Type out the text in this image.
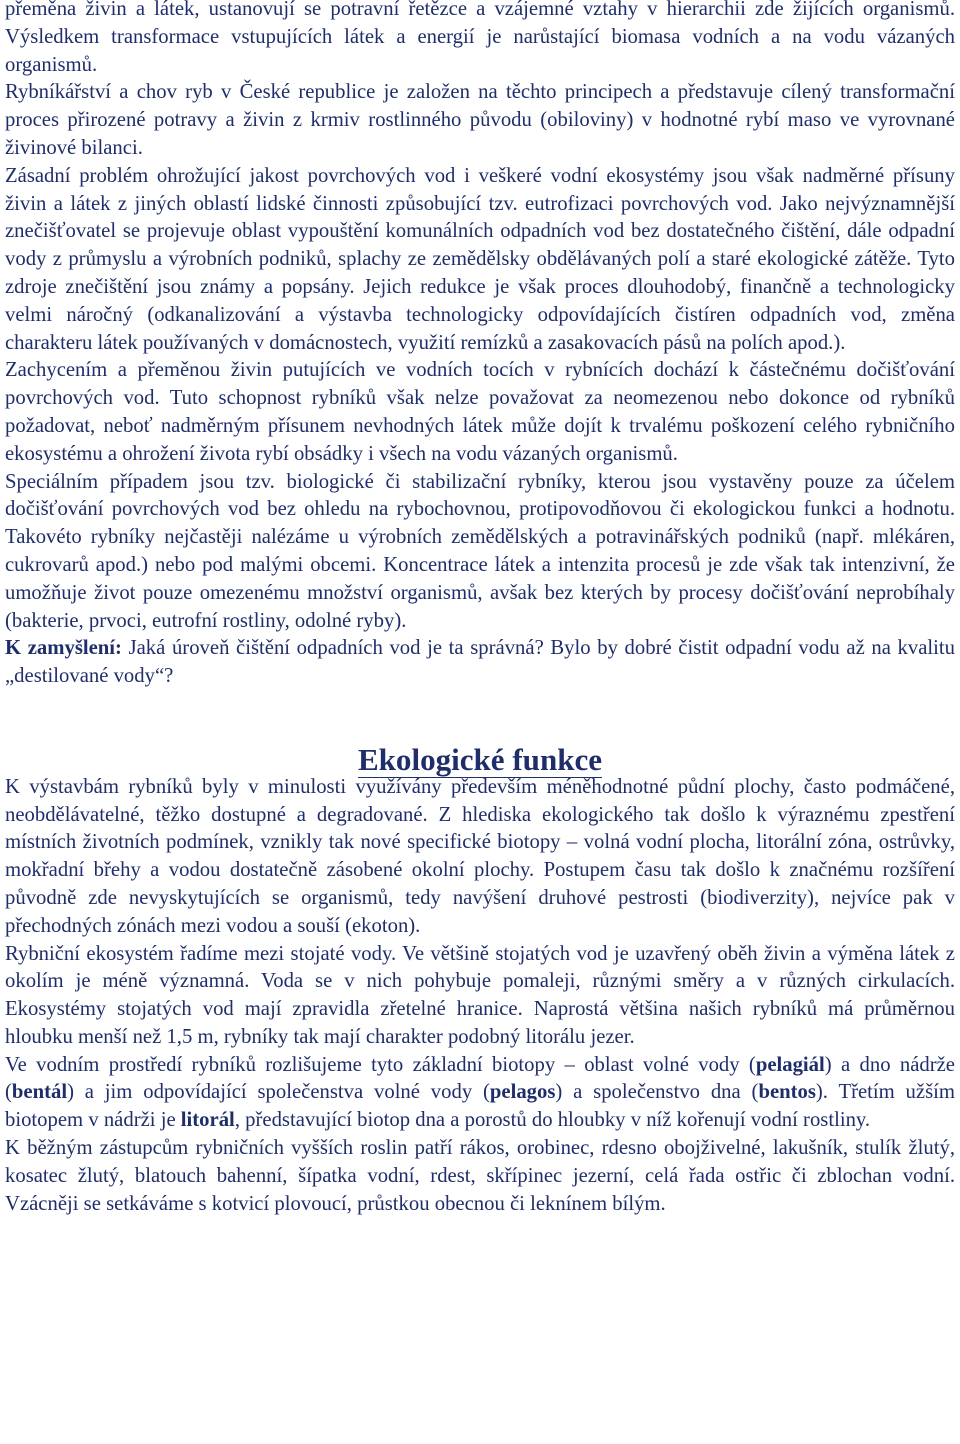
přeměna živin a látek, ustanovují se potravní řetězce a vzájemné vztahy v hierarchii zde žijících organismů. Výsledkem transformace vstupujících látek a energií je narůstající biomasa vodních a na vodu vázaných organismů.

Rybníkářství a chov ryb v České republice je založen na těchto principech a představuje cílený transformační proces přirozené potravy a živin z krmiv rostlinného původu (obiloviny) v hodnotné rybí maso ve vyrovnané živinové bilanci.

Zásadní problém ohrožující jakost povrchových vod i veškeré vodní ekosystémy jsou však nadměrné přísuny živin a látek z jiných oblastí lidské činnosti způsobující tzv. eutrofizaci povrchových vod. Jako nejvýznamnější znečišťovatel se projevuje oblast vypouštění komunálních odpadních vod bez dostatečného čištění, dále odpadní vody z průmyslu a výrobních podniků, splachy ze zemědělsky obdělávaných polí a staré ekologické zátěže. Tyto zdroje znečištění jsou známy a popsány. Jejich redukce je však proces dlouhodobý, finančně a technologicky velmi náročný (odkanalizování a výstavba technologicky odpovídajících čistíren odpadních vod, změna charakteru látek používaných v domácnostech, využití remízků a zasakovacích pásů na polích apod.).

Zachycením a přeměnou živin putujících ve vodních tocích v rybnících dochází k částečnému dočišťování povrchových vod. Tuto schopnost rybníků však nelze považovat za neomezenou nebo dokonce od rybníků požadovat, neboť nadměrným přísunem nevhodných látek může dojít k trvalému poškození celého rybničního ekosystému a ohrožení života rybí obsádky i všech na vodu vázaných organismů.

Speciálním případem jsou tzv. biologické či stabilizační rybníky, kterou jsou vystavěny pouze za účelem dočišťování povrchových vod bez ohledu na rybochovnou, protipovodňovou či ekologickou funkci a hodnotu. Takovéto rybníky nejčastěji nalézáme u výrobních zemědělských a potravinářských podniků (např. mlékáren, cukrovarů apod.) nebo pod malými obcemi. Koncentrace látek a intenzita procesů je zde však tak intenzivní, že umožňuje život pouze omezenému množství organismů, avšak bez kterých by procesy dočišťování neprobíhaly (bakterie, prvoci, eutrofní rostliny, odolné ryby).

K zamyšlení: Jaká úroveň čištění odpadních vod je ta správná? Bylo by dobré čistit odpadní vodu až na kvalitu „destilované vody“?

Ekologické funkce

K výstavbám rybníků byly v minulosti využívány především méněhodnotné půdní plochy, často podmáčené, neobdělávatelné, těžko dostupné a degradované. Z hlediska ekologického tak došlo k výraznému zpestření místních životních podmínek, vznikly tak nové specifické biotopy – volná vodní plocha, litorální zóna, ostrůvky, mokřadní břehy a vodou dostatečně zásobené okolní plochy. Postupem času tak došlo k značnému rozšíření původně zde nevyskytujících se organismů, tedy navýšení druhové pestrosti (biodiverzity), nejvíce pak v přechodných zónách mezi vodou a souší (ekoton).

Rybniční ekosystém řadíme mezi stojaté vody. Ve většině stojatých vod je uzavřený oběh živin a výměna látek z okolím je méně významná. Voda se v nich pohybuje pomaleji, různými směry a v různých cirkulacích. Ekosystémy stojatých vod mají zpravidla zřetelné hranice. Naprostá většina našich rybníků má průměrnou hloubku menší než 1,5 m, rybníky tak mají charakter podobný litorálu jezer.

Ve vodním prostředí rybníků rozlišujeme tyto základní biotopy – oblast volné vody (pelagiál) a dno nádrže (bentál) a jim odpovídající společenstva volné vody (pelagos) a společenstvo dna (bentos). Třetím užším biotopem v nádrži je litorál, představující biotop dna a porostů do hloubky v níž kořenují vodní rostliny.

K běžným zástupcům rybničních vyšších roslin patří rákos, orobinec, rdesno obojživelné, lakušník, stulík žlutý, kosatec žlutý, blatouch bahenní, šípatka vodní, rdest, skřípinec jezerní, celá řada ostřic či zblochan vodní. Vzácněji se setkáváme s kotvicí plovoucí, průstkou obecnou či leknínem bílým.
